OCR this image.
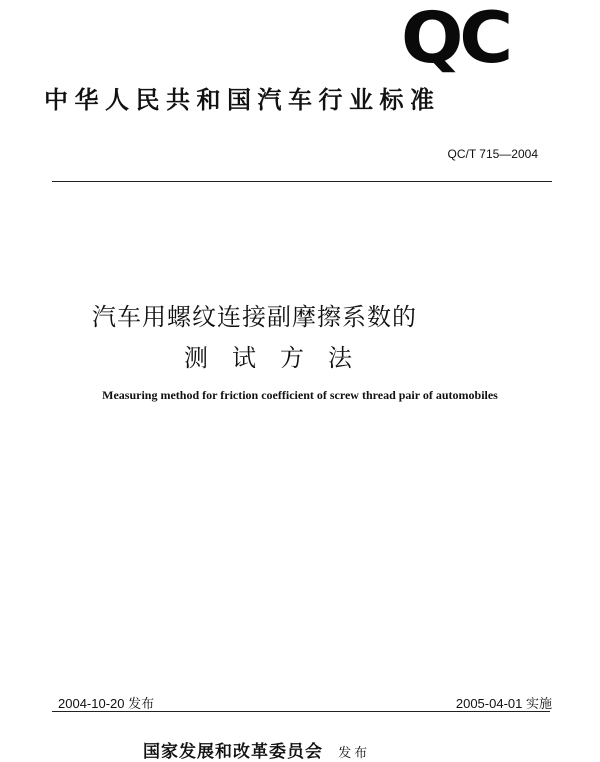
QC
中华人民共和国汽车行业标准
QC/T 715—2004
汽车用螺纹连接副摩擦系数的
测试方法
Measuring method for friction coefficient of screw thread pair of automobiles
2004-10-20 发布	2005-04-01 实施
国家发展和改革委员会 发布
